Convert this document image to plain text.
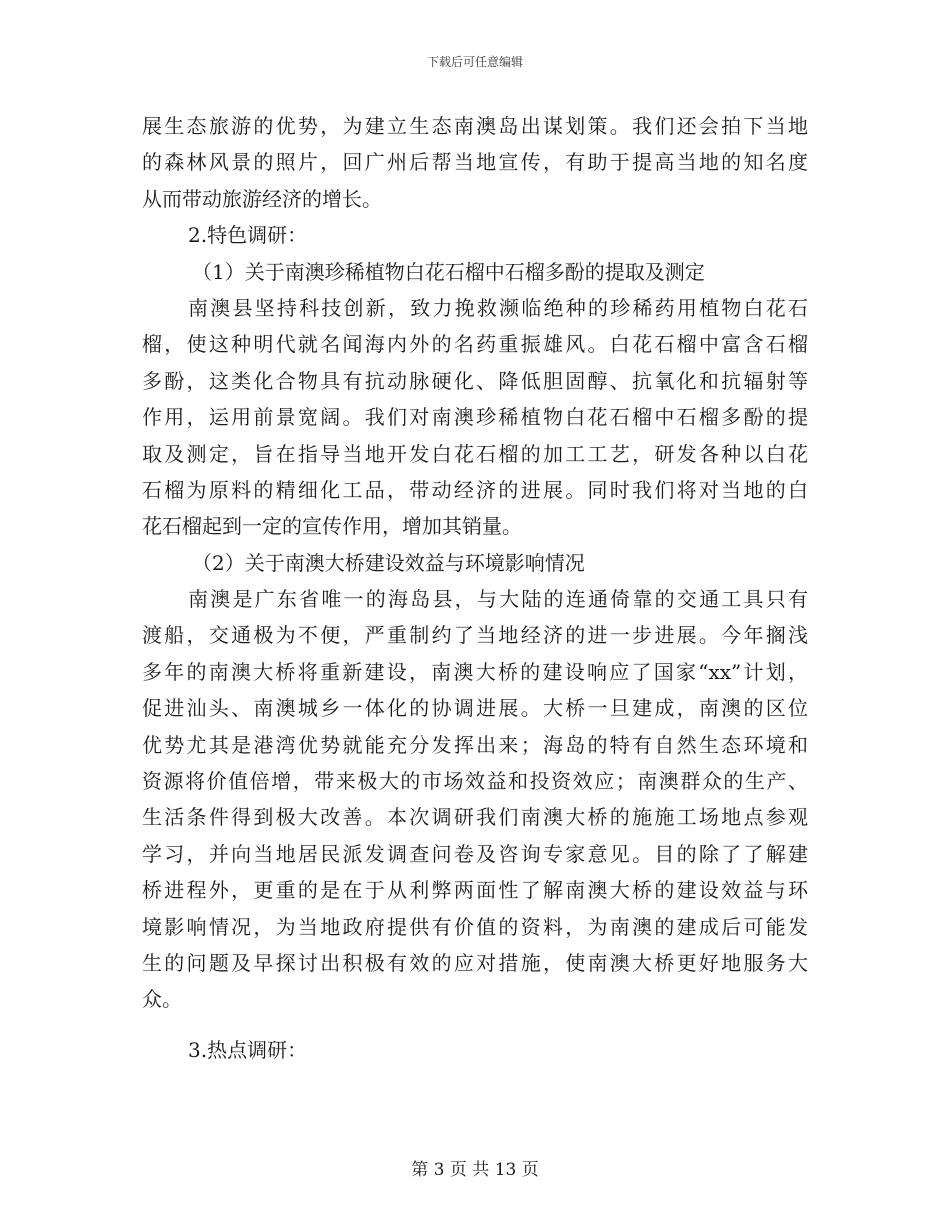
下载后可任意编辑
展生态旅游的优势，为建立生态南澳岛出谋划策。我们还会拍下当地
的森林风景的照片，回广州后帮当地宣传，有助于提高当地的知名度
从而带动旅游经济的增长。
2.特色调研：
（1）关于南澳珍稀植物白花石榴中石榴多酚的提取及测定
南澳县坚持科技创新，致力挽救濒临绝种的珍稀药用植物白花石
榴，使这种明代就名闻海内外的名药重振雄风。白花石榴中富含石榴
多酚，这类化合物具有抗动脉硬化、降低胆固醇、抗氧化和抗辐射等
作用，运用前景宽阔。我们对南澳珍稀植物白花石榴中石榴多酚的提
取及测定，旨在指导当地开发白花石榴的加工工艺，研发各种以白花
石榴为原料的精细化工品，带动经济的进展。同时我们将对当地的白
花石榴起到一定的宣传作用，增加其销量。
（2）关于南澳大桥建设效益与环境影响情况
南澳是广东省唯一的海岛县，与大陆的连通倚靠的交通工具只有
渡船，交通极为不便，严重制约了当地经济的进一步进展。今年搁浅
多年的南澳大桥将重新建设，南澳大桥的建设响应了国家“xx”计划，
促进汕头、南澳城乡一体化的协调进展。大桥一旦建成，南澳的区位
优势尤其是港湾优势就能充分发挥出来；海岛的特有自然生态环境和
资源将价值倍增，带来极大的市场效益和投资效应；南澳群众的生产、
生活条件得到极大改善。本次调研我们南澳大桥的施施工场地点参观
学习，并向当地居民派发调查问卷及咨询专家意见。目的除了了解建
桥进程外，更重的是在于从利弊两面性了解南澳大桥的建设效益与环
境影响情况，为当地政府提供有价值的资料，为南澳的建成后可能发
生的问题及早探讨出积极有效的应对措施，使南澳大桥更好地服务大
众。
3.热点调研：
第 3 页 共 13 页
